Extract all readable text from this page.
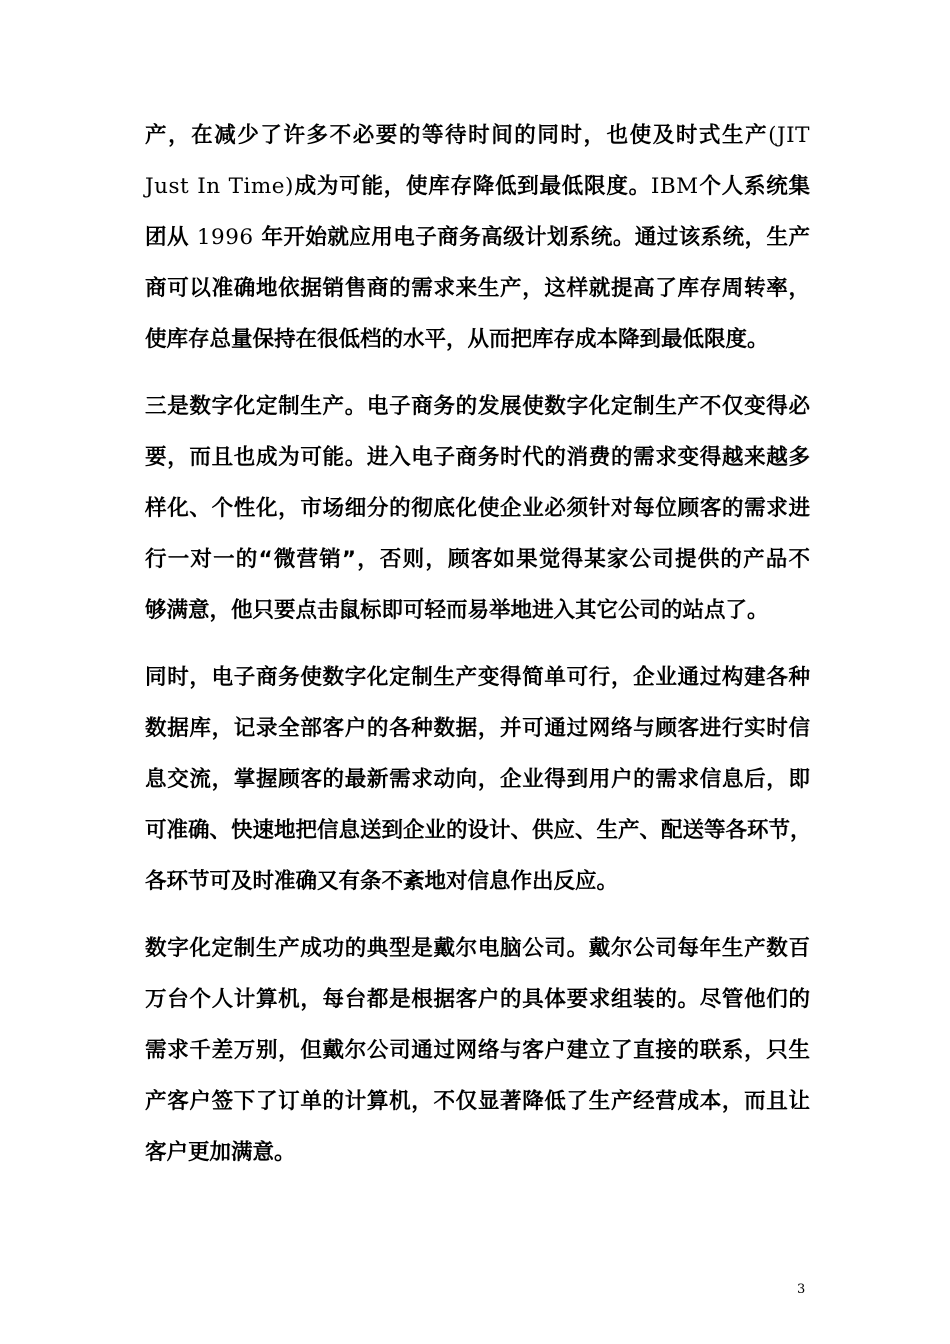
产，在减少了许多不必要的等待时间的同时，也使及时式生产(JIT
Just In Time)成为可能，使库存降低到最低限度。IBM个人系统集
团从 1996 年开始就应用电子商务高级计划系统。通过该系统，生产
商可以准确地依据销售商的需求来生产，这样就提高了库存周转率，
使库存总量保持在很低档的水平，从而把库存成本降到最低限度。
三是数字化定制生产。电子商务的发展使数字化定制生产不仅变得必
要，而且也成为可能。进入电子商务时代的消费的需求变得越来越多
样化、个性化，市场细分的彻底化使企业必须针对每位顾客的需求进
行一对一的“微营销”，否则，顾客如果觉得某家公司提供的产品不
够满意，他只要点击鼠标即可轻而易举地进入其它公司的站点了。
同时，电子商务使数字化定制生产变得简单可行，企业通过构建各种
数据库，记录全部客户的各种数据，并可通过网络与顾客进行实时信
息交流，掌握顾客的最新需求动向，企业得到用户的需求信息后，即
可准确、快速地把信息送到企业的设计、供应、生产、配送等各环节，
各环节可及时准确又有条不紊地对信息作出反应。
数字化定制生产成功的典型是戴尔电脑公司。戴尔公司每年生产数百
万台个人计算机，每台都是根据客户的具体要求组装的。尽管他们的
需求千差万别，但戴尔公司通过网络与客户建立了直接的联系，只生
产客户签下了订单的计算机，不仅显著降低了生产经营成本，而且让
客户更加满意。
3
